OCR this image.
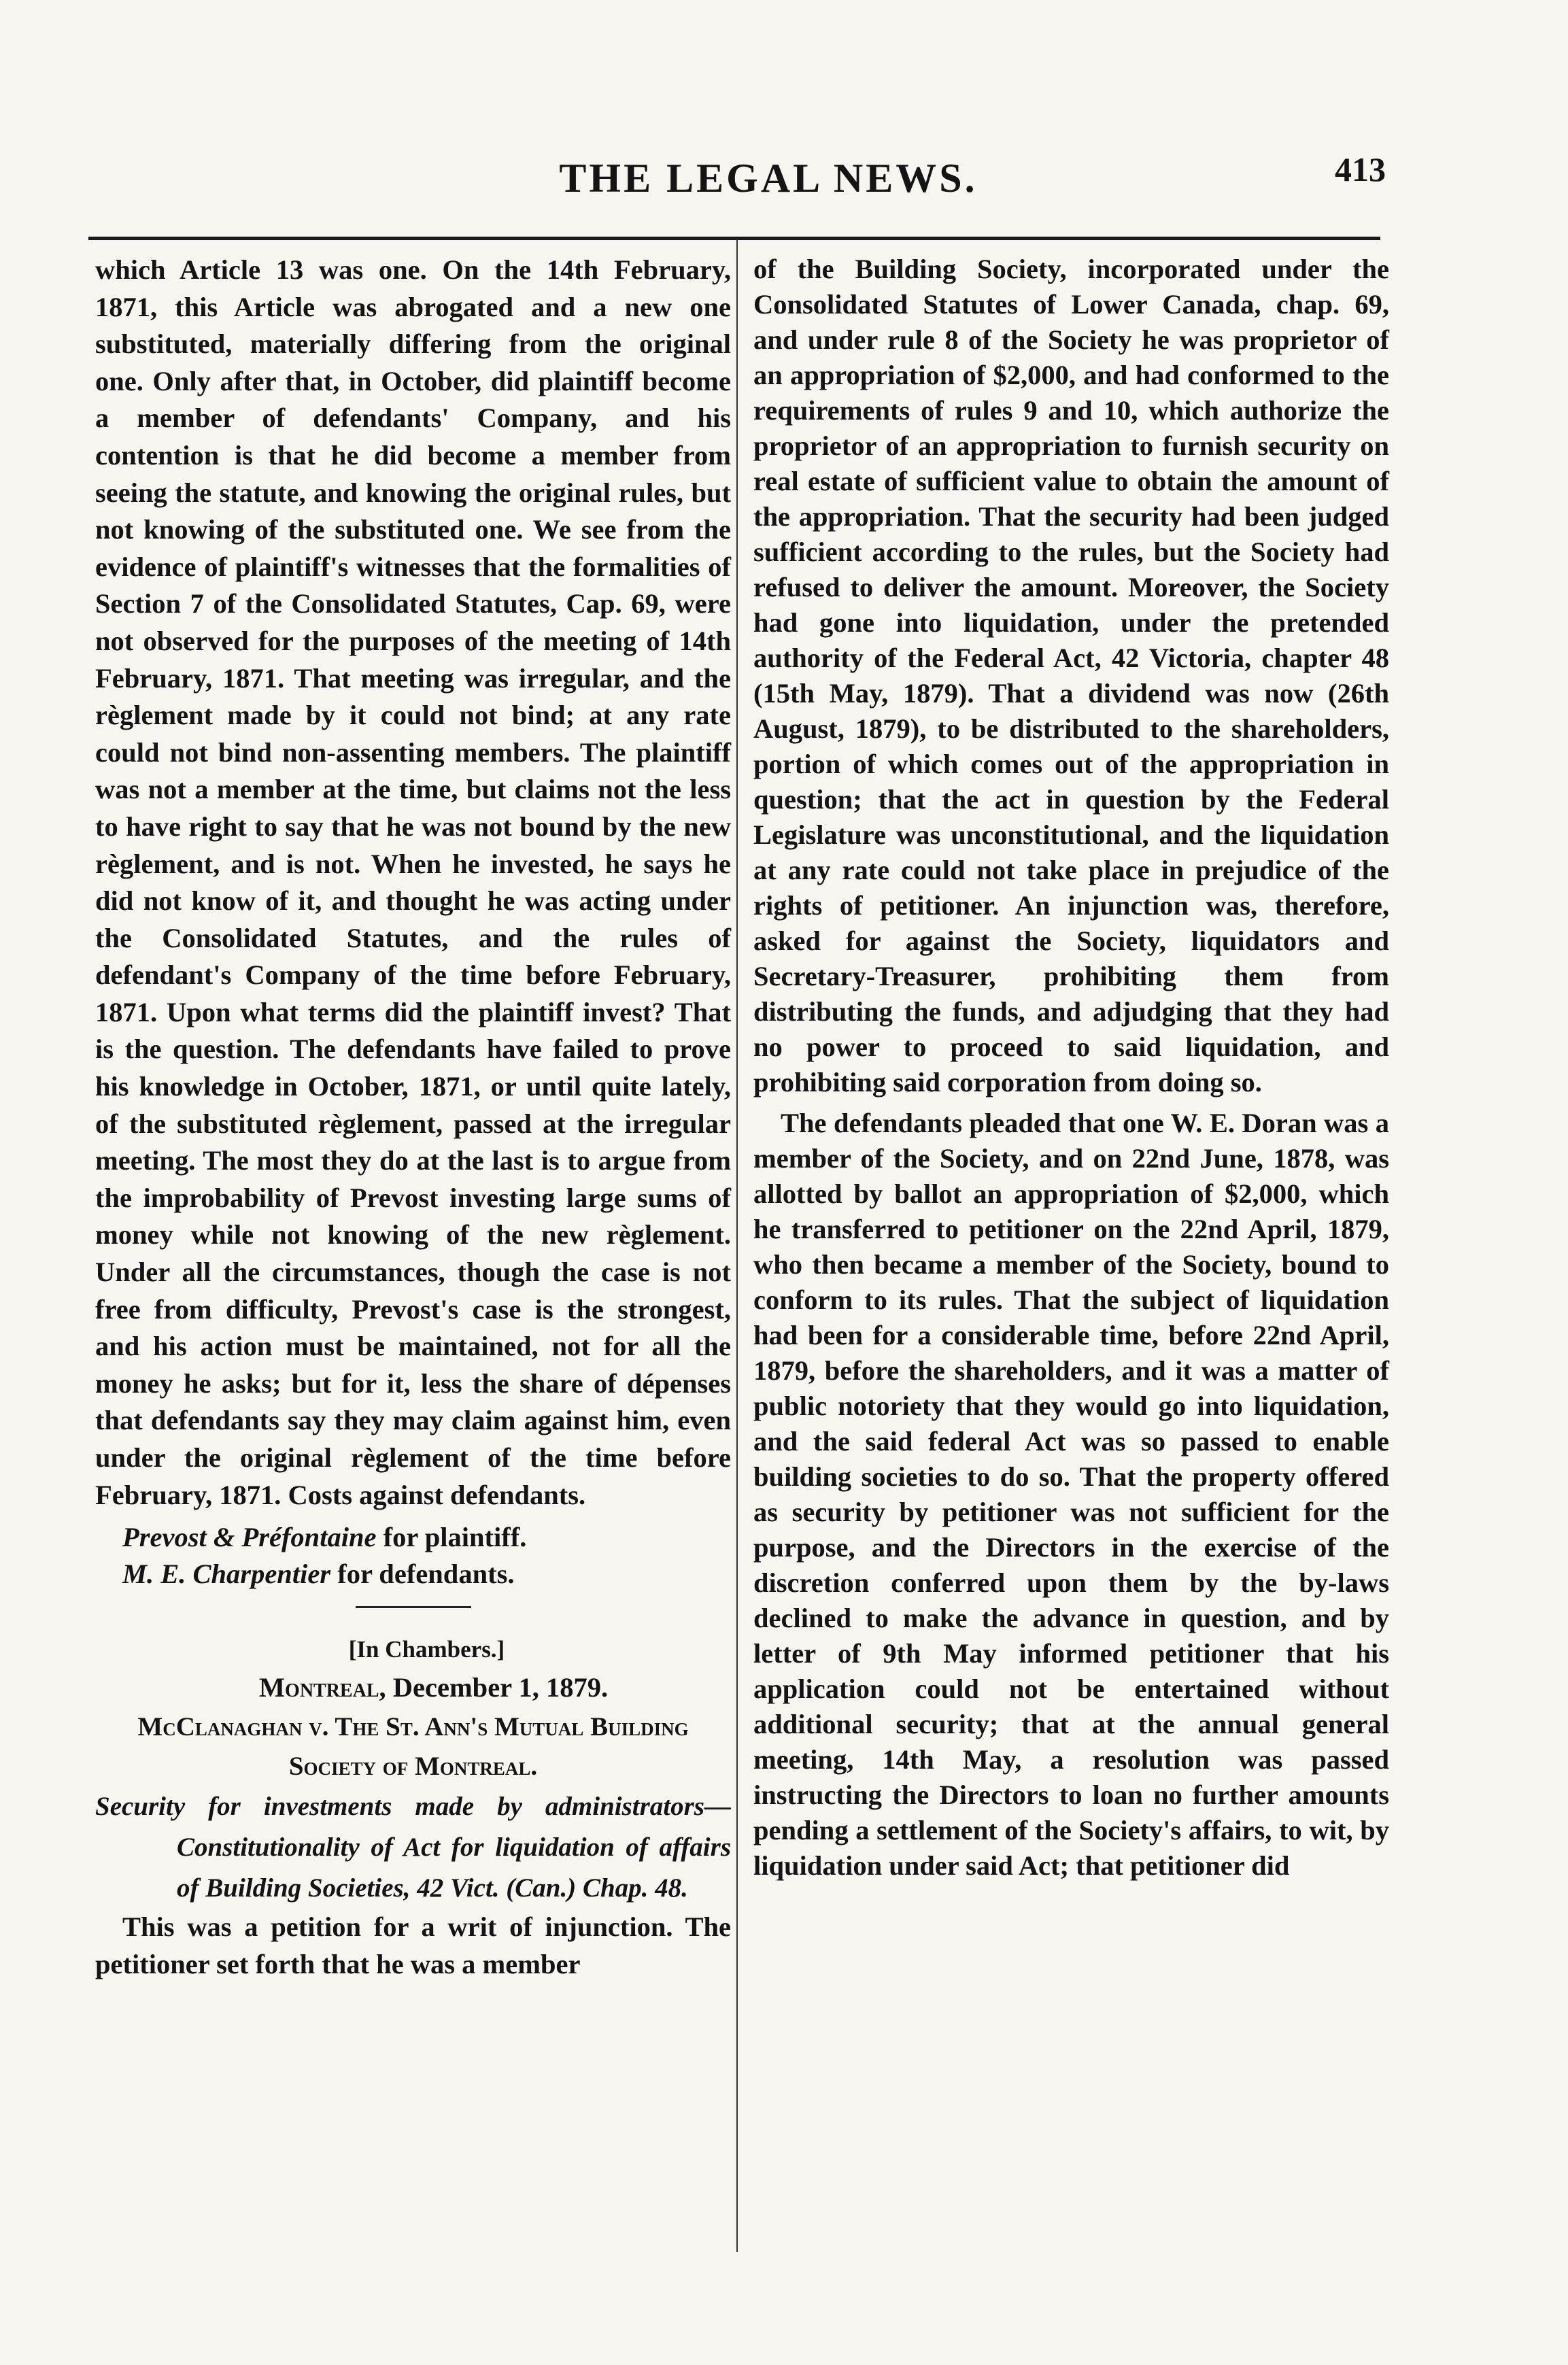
THE LEGAL NEWS.	413

which Article 13 was one. On the 14th February, 1871, this Article was abrogated and a new one substituted, materially differing from the original one. Only after that, in October, did plaintiff become a member of defendants' Company, and his contention is that he did become a member from seeing the statute, and knowing the original rules, but not knowing of the substituted one. We see from the evidence of plaintiff's witnesses that the formalities of Section 7 of the Consolidated Statutes, Cap. 69, were not observed for the purposes of the meeting of 14th February, 1871. That meeting was irregular, and the règlement made by it could not bind; at any rate could not bind non-assenting members. The plaintiff was not a member at the time, but claims not the less to have right to say that he was not bound by the new règlement, and is not. When he invested, he says he did not know of it, and thought he was acting under the Consolidated Statutes, and the rules of defendant's Company of the time before February, 1871. Upon what terms did the plaintiff invest? That is the question. The defendants have failed to prove his knowledge in October, 1871, or until quite lately, of the substituted règlement, passed at the irregular meeting. The most they do at the last is to argue from the improbability of Prevost investing large sums of money while not knowing of the new règlement. Under all the circumstances, though the case is not free from difficulty, Prevost's case is the strongest, and his action must be maintained, not for all the money he asks; but for it, less the share of dépenses that defendants say they may claim against him, even under the original règlement of the time before February, 1871. Costs against defendants.

Prevost & Préfontaine for plaintiff.
M. E. Charpentier for defendants.
[In Chambers.]
Montreal, December 1, 1879.
McClanaghan v. The St. Ann's Mutual Building Society of Montreal.
Security for investments made by administrators— Constitutionality of Act for liquidation of affairs of Building Societies, 42 Vict. (Can.) Chap. 48.

This was a petition for a writ of injunction. The petitioner set forth that he was a member

of the Building Society, incorporated under the Consolidated Statutes of Lower Canada, chap. 69, and under rule 8 of the Society he was proprietor of an appropriation of $2,000, and had conformed to the requirements of rules 9 and 10, which authorize the proprietor of an appropriation to furnish security on real estate of sufficient value to obtain the amount of the appropriation. That the security had been judged sufficient according to the rules, but the Society had refused to deliver the amount. Moreover, the Society had gone into liquidation, under the pretended authority of the Federal Act, 42 Victoria, chapter 48 (15th May, 1879). That a dividend was now (26th August, 1879), to be distributed to the shareholders, portion of which comes out of the appropriation in question; that the act in question by the Federal Legislature was unconstitutional, and the liquidation at any rate could not take place in prejudice of the rights of petitioner. An injunction was, therefore, asked for against the Society, liquidators and Secretary-Treasurer, prohibiting them from distributing the funds, and adjudging that they had no power to proceed to said liquidation, and prohibiting said corporation from doing so.

The defendants pleaded that one W. E. Doran was a member of the Society, and on 22nd June, 1878, was allotted by ballot an appropriation of $2,000, which he transferred to petitioner on the 22nd April, 1879, who then became a member of the Society, bound to conform to its rules. That the subject of liquidation had been for a considerable time, before 22nd April, 1879, before the shareholders, and it was a matter of public notoriety that they would go into liquidation, and the said federal Act was so passed to enable building societies to do so. That the property offered as security by petitioner was not sufficient for the purpose, and the Directors in the exercise of the discretion conferred upon them by the by-laws declined to make the advance in question, and by letter of 9th May informed petitioner that his application could not be entertained without additional security; that at the annual general meeting, 14th May, a resolution was passed instructing the Directors to loan no further amounts pending a settlement of the Society's affairs, to wit, by liquidation under said Act; that petitioner did
